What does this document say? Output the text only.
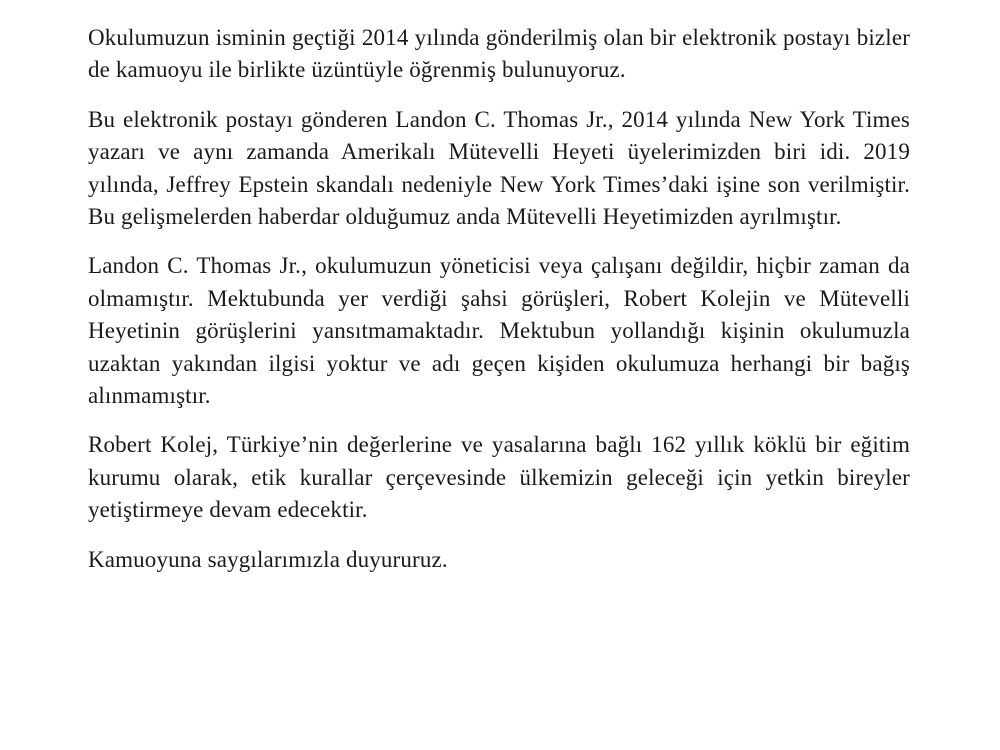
Okulumuzun isminin geçtiği 2014 yılında gönderilmiş olan bir elektronik postayı bizler de kamuoyu ile birlikte üzüntüyle öğrenmiş bulunuyoruz.

Bu elektronik postayı gönderen Landon C. Thomas Jr., 2014 yılında New York Times yazarı ve aynı zamanda Amerikalı Mütevelli Heyeti üyelerimizden biri idi. 2019 yılında, Jeffrey Epstein skandalı nedeniyle New York Times’daki işine son verilmiştir. Bu gelişmelerden haberdar olduğumuz anda Mütevelli Heyetimizden ayrılmıştır.

Landon C. Thomas Jr., okulumuzun yöneticisi veya çalışanı değildir, hiçbir zaman da olmamıştır. Mektubunda yer verdiği şahsi görüşleri, Robert Kolejin ve Mütevelli Heyetinin görüşlerini yansıtmamaktadır. Mektubun yollandığı kişinin okulumuzla uzaktan yakından ilgisi yoktur ve adı geçen kişiden okulumuza herhangi bir bağış alınmamıştır.

Robert Kolej, Türkiye’nin değerlerine ve yasalarına bağlı 162 yıllık köklü bir eğitim kurumu olarak, etik kurallar çerçevesinde ülkemizin geleceği için yetkin bireyler yetiştirmeye devam edecektir.

Kamuoyuna saygılarımızla duyururuz.
